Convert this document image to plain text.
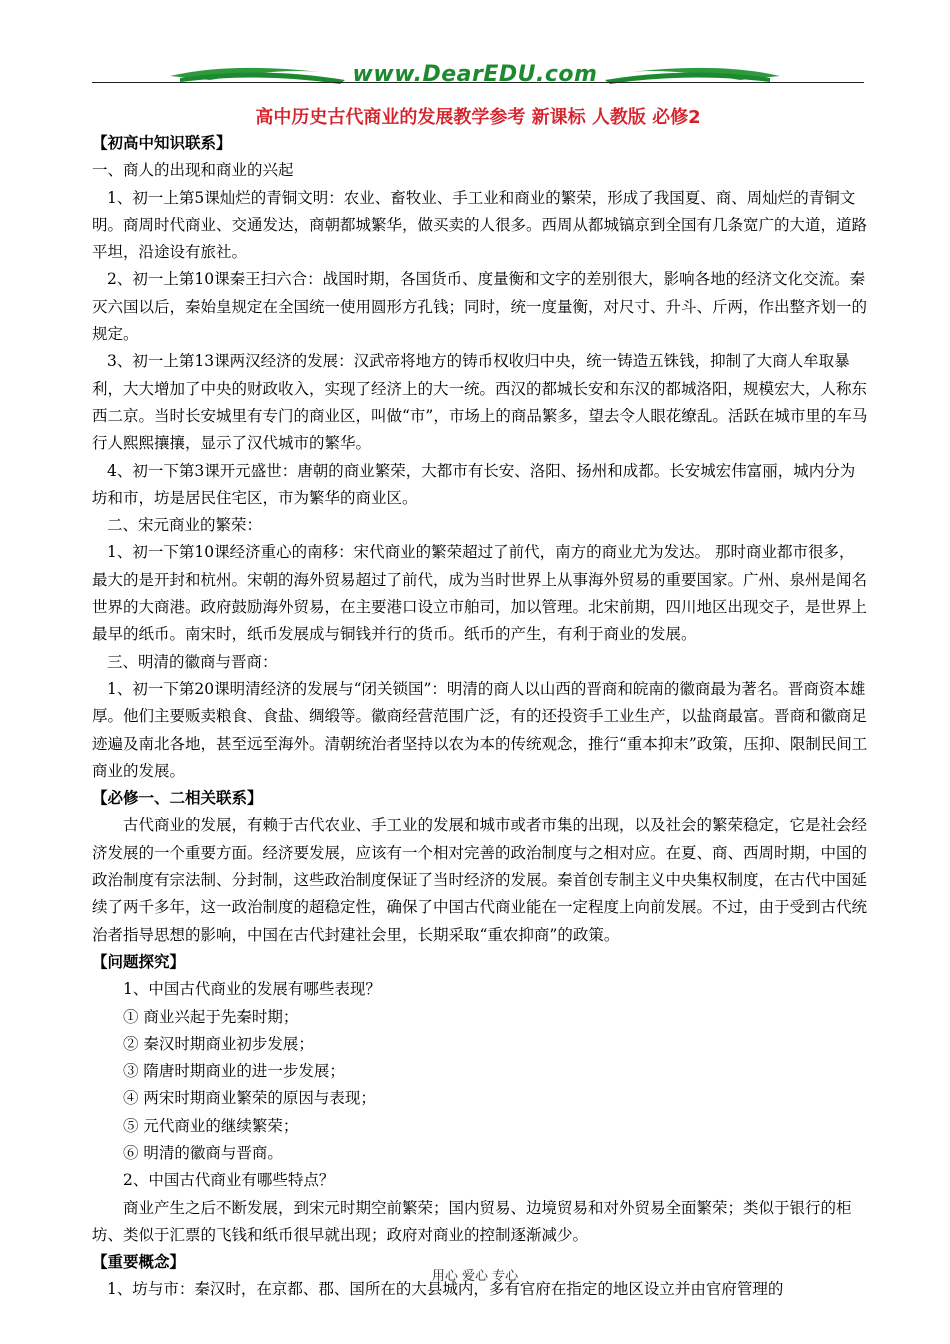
www.DearEDU.com
高中历史古代商业的发展教学参考 新课标 人教版 必修2

【初高中知识联系】

一、商人的出现和商业的兴起

1、初一上第5课灿烂的青铜文明：农业、畜牧业、手工业和商业的繁荣，形成了我国夏、商、周灿烂的青铜文明。商周时代商业、交通发达，商朝都城繁华，做买卖的人很多。西周从都城镐京到全国有几条宽广的大道，道路平坦，沿途设有旅社。

2、初一上第10课秦王扫六合：战国时期，各国货币、度量衡和文字的差别很大，影响各地的经济文化交流。秦灭六国以后，秦始皇规定在全国统一使用圆形方孔钱；同时，统一度量衡，对尺寸、升斗、斤两，作出整齐划一的规定。

3、初一上第13课两汉经济的发展：汉武帝将地方的铸币权收归中央，统一铸造五铢钱，抑制了大商人牟取暴利，大大增加了中央的财政收入，实现了经济上的大一统。西汉的都城长安和东汉的都城洛阳，规模宏大，人称东西二京。当时长安城里有专门的商业区，叫做“市”，市场上的商品繁多，望去令人眼花缭乱。活跃在城市里的车马行人熙熙攘攘，显示了汉代城市的繁华。

4、初一下第3课开元盛世：唐朝的商业繁荣，大都市有长安、洛阳、扬州和成都。长安城宏伟富丽，城内分为坊和市，坊是居民住宅区，市为繁华的商业区。

二、宋元商业的繁荣：

1、初一下第10课经济重心的南移：宋代商业的繁荣超过了前代，南方的商业尤为发达。 那时商业都市很多，最大的是开封和杭州。宋朝的海外贸易超过了前代，成为当时世界上从事海外贸易的重要国家。广州、泉州是闻名世界的大商港。政府鼓励海外贸易，在主要港口设立市舶司，加以管理。北宋前期，四川地区出现交子，是世界上最早的纸币。南宋时，纸币发展成与铜钱并行的货币。纸币的产生，有利于商业的发展。

三、明清的徽商与晋商：

1、初一下第20课明清经济的发展与“闭关锁国”：明清的商人以山西的晋商和皖南的徽商最为著名。晋商资本雄厚。他们主要贩卖粮食、食盐、绸缎等。徽商经营范围广泛，有的还投资手工业生产，以盐商最富。晋商和徽商足迹遍及南北各地，甚至远至海外。清朝统治者坚持以农为本的传统观念，推行“重本抑末”政策，压抑、限制民间工商业的发展。

【必修一、二相关联系】

古代商业的发展，有赖于古代农业、手工业的发展和城市或者市集的出现，以及社会的繁荣稳定，它是社会经济发展的一个重要方面。经济要发展，应该有一个相对完善的政治制度与之相对应。在夏、商、西周时期，中国的政治制度有宗法制、分封制，这些政治制度保证了当时经济的发展。秦首创专制主义中央集权制度，在古代中国延续了两千多年，这一政治制度的超稳定性，确保了中国古代商业能在一定程度上向前发展。不过，由于受到古代统治者指导思想的影响，中国在古代封建社会里，长期采取“重农抑商”的政策。

【问题探究】

1、中国古代商业的发展有哪些表现？

① 商业兴起于先秦时期；

② 秦汉时期商业初步发展；

③ 隋唐时期商业的进一步发展；

④ 两宋时期商业繁荣的原因与表现；

⑤ 元代商业的继续繁荣；

⑥ 明清的徽商与晋商。

2、中国古代商业有哪些特点？

商业产生之后不断发展，到宋元时期空前繁荣；国内贸易、边境贸易和对外贸易全面繁荣；类似于银行的柜坊、类似于汇票的飞钱和纸币很早就出现；政府对商业的控制逐渐减少。

【重要概念】

1、坊与市：秦汉时，在京都、郡、国所在的大县城内，多有官府在指定的地区设立并由官府管理的

用心 爱心 专心
